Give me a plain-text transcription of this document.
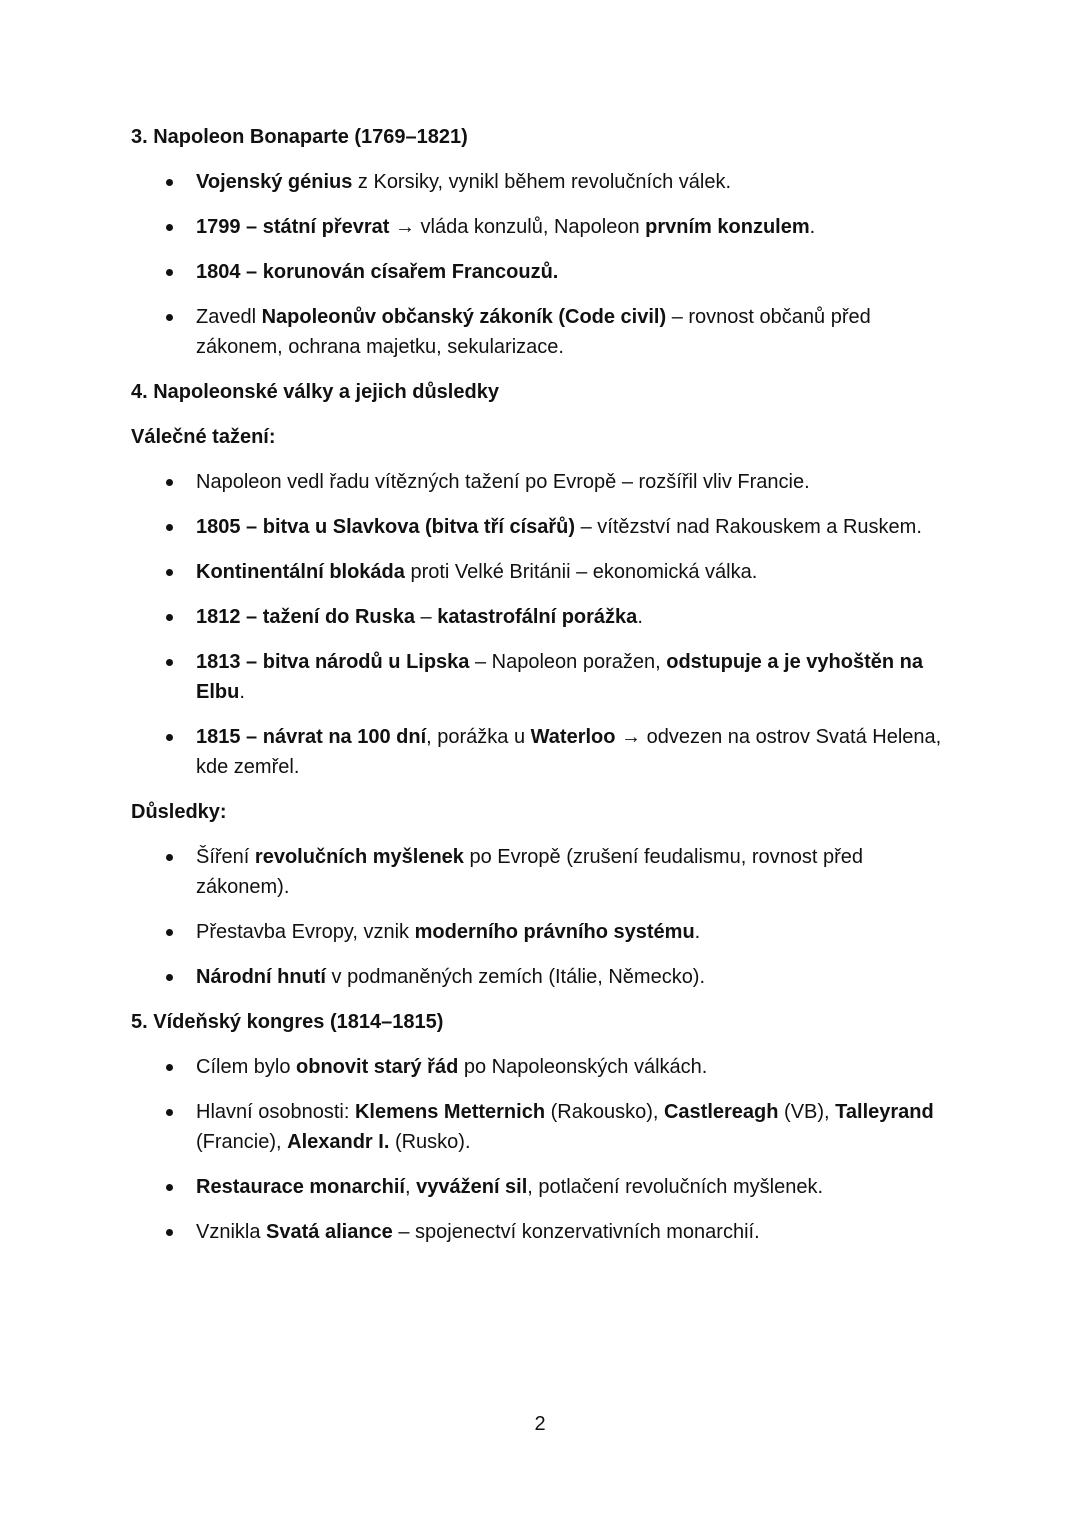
3. Napoleon Bonaparte (1769–1821)
Vojenský génius z Korsiky, vynikl během revolučních válek.
1799 – státní převrat → vláda konzulů, Napoleon prvním konzulem.
1804 – korunován císařem Francouzů.
Zavedl Napoleonův občanský zákoník (Code civil) – rovnost občanů před zákonem, ochrana majetku, sekularizace.
4. Napoleonské války a jejich důsledky
Válečné tažení:
Napoleon vedl řadu vítězných tažení po Evropě – rozšířil vliv Francie.
1805 – bitva u Slavkova (bitva tří císařů) – vítězství nad Rakouskem a Ruskem.
Kontinentální blokáda proti Velké Británii – ekonomická válka.
1812 – tažení do Ruska – katastrofální porážka.
1813 – bitva národů u Lipska – Napoleon poražen, odstupuje a je vyhoštěn na Elbu.
1815 – návrat na 100 dní, porážka u Waterloo → odvezen na ostrov Svatá Helena, kde zemřel.
Důsledky:
Šíření revolučních myšlenek po Evropě (zrušení feudalismu, rovnost před zákonem).
Přestavba Evropy, vznik moderního právního systému.
Národní hnutí v podmaněných zemích (Itálie, Německo).
5. Vídeňský kongres (1814–1815)
Cílem bylo obnovit starý řád po Napoleonských válkách.
Hlavní osobnosti: Klemens Metternich (Rakousko), Castlereagh (VB), Talleyrand (Francie), Alexandr I. (Rusko).
Restaurace monarchií, vyvážení sil, potlačení revolučních myšlenek.
Vznikla Svatá aliance – spojenectví konzervativních monarchií.
2
